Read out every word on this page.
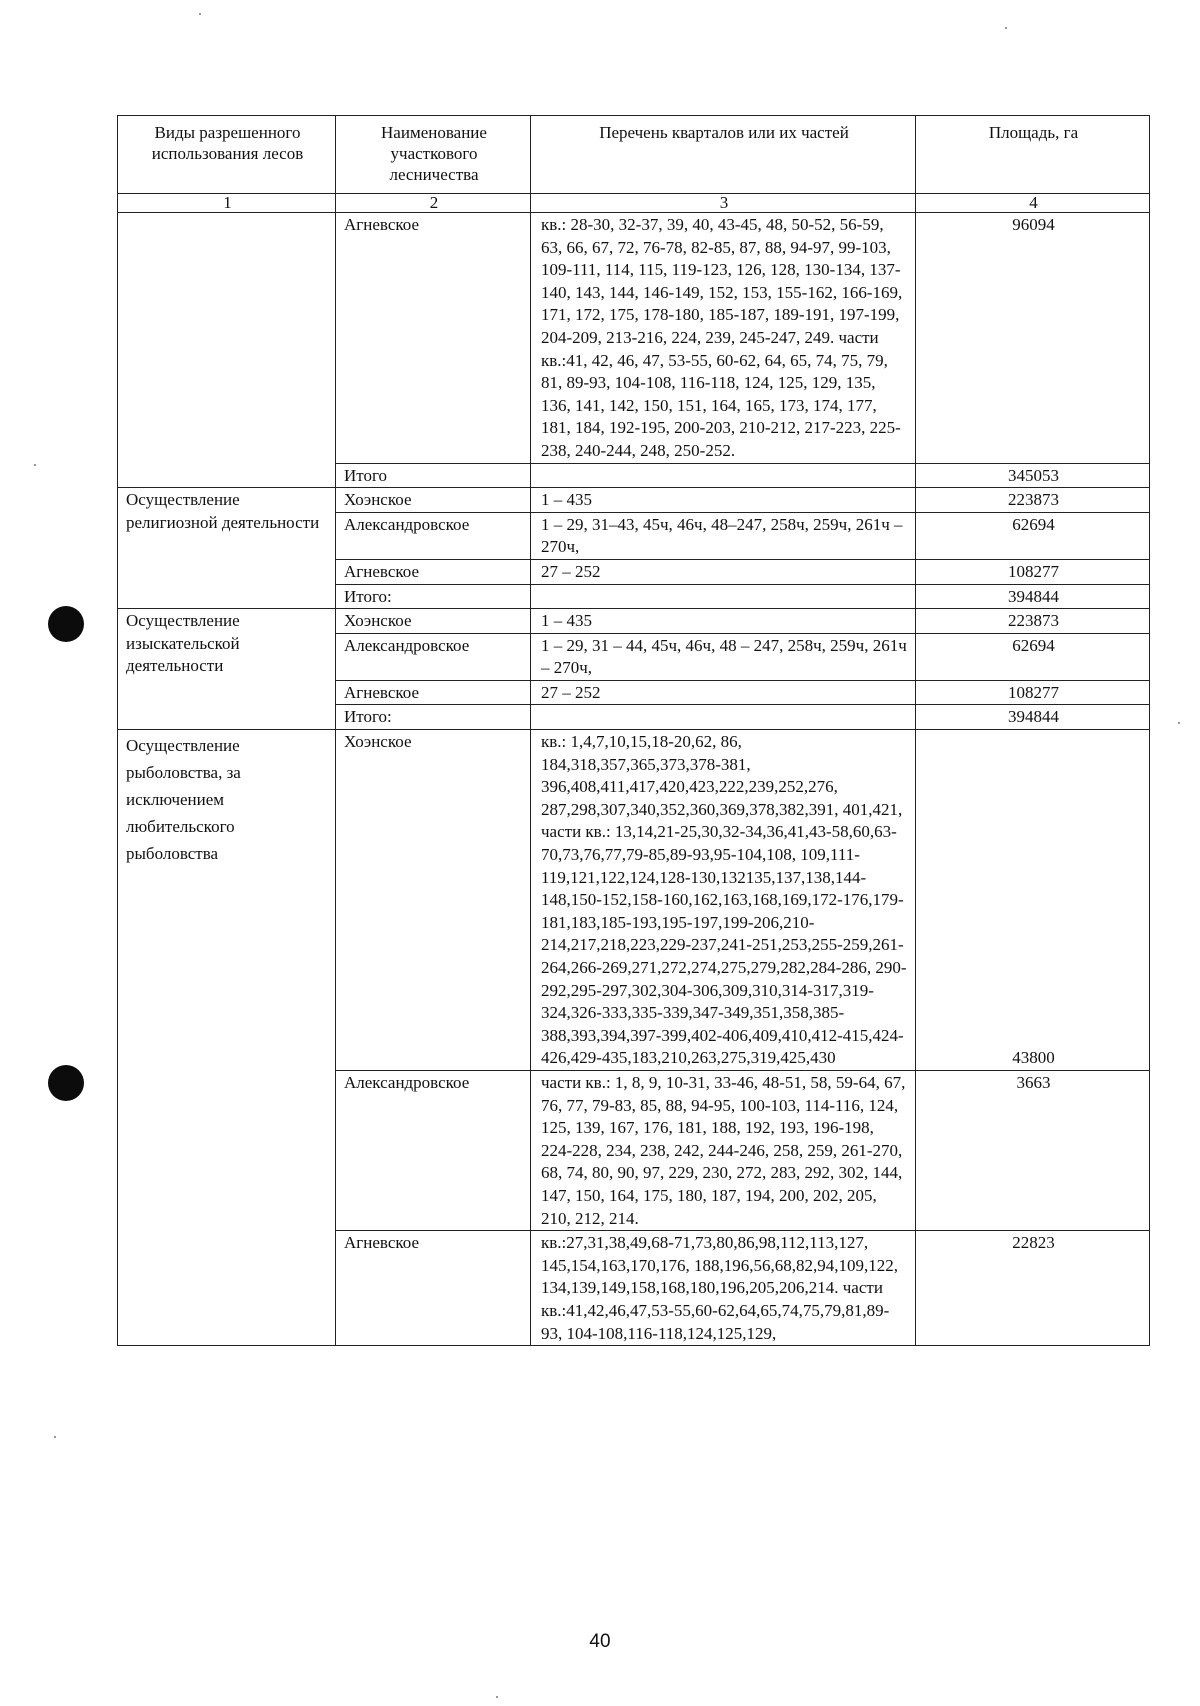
Виды разрешенного использования лесов	Наименование участкового лесничества	Перечень кварталов или их частей	Площадь, га
1	2	3	4
	Агневское	кв.: 28-30, 32-37, 39, 40, 43-45, 48, 50-52, 56-59, 63, 66, 67, 72, 76-78, 82-85, 87, 88, 94-97, 99-103, 109-111, 114, 115, 119-123, 126, 128, 130-134, 137-140, 143, 144, 146-149, 152, 153, 155-162, 166-169, 171, 172, 175, 178-180, 185-187, 189-191, 197-199, 204-209, 213-216, 224, 239, 245-247, 249. части кв.:41, 42, 46, 47, 53-55, 60-62, 64, 65, 74, 75, 79, 81, 89-93, 104-108, 116-118, 124, 125, 129, 135, 136, 141, 142, 150, 151, 164, 165, 173, 174, 177, 181, 184, 192-195, 200-203, 210-212, 217-223, 225-238, 240-244, 248, 250-252.	96094
	Итого		345053
Осуществление религиозной деятельности	Хоэнское	1 – 435	223873
	Александровское	1 – 29, 31–43, 45ч, 46ч, 48–247, 258ч, 259ч, 261ч – 270ч,	62694
	Агневское	27 – 252	108277
	Итого:		394844
Осуществление изыскательской деятельности	Хоэнское	1 – 435	223873
	Александровское	1 – 29, 31 – 44, 45ч, 46ч, 48 – 247, 258ч, 259ч, 261ч – 270ч,	62694
	Агневское	27 – 252	108277
	Итого:		394844
Осуществление рыболовства, за исключением любительского рыболовства	Хоэнское	кв.: 1,4,7,10,15,18-20,62, 86, 184,318,357,365,373,378-381, 396,408,411,417,420,423,222,239,252,276, 287,298,307,340,352,360,369,378,382,391, 401,421, части кв.: 13,14,21-25,30,32-34,36,41,43-58,60,63-70,73,76,77,79-85,89-93,95-104,108, 109,111-119,121,122,124,128-130,132135,137,138,144-148,150-152,158-160,162,163,168,169,172-176,179-181,183,185-193,195-197,199-206,210-214,217,218,223,229-237,241-251,253,255-259,261-264,266-269,271,272,274,275,279,282,284-286, 290-292,295-297,302,304-306,309,310,314-317,319-324,326-333,335-339,347-349,351,358,385-388,393,394,397-399,402-406,409,410,412-415,424-426,429-435,183,210,263,275,319,425,430	43800
	Александровское	части кв.: 1, 8, 9, 10-31, 33-46, 48-51, 58, 59-64, 67, 76, 77, 79-83, 85, 88, 94-95, 100-103, 114-116, 124, 125, 139, 167, 176, 181, 188, 192, 193, 196-198, 224-228, 234, 238, 242, 244-246, 258, 259, 261-270, 68, 74, 80, 90, 97, 229, 230, 272, 283, 292, 302, 144, 147, 150, 164, 175, 180, 187, 194, 200, 202, 205, 210, 212, 214.	3663
	Агневское	кв.:27,31,38,49,68-71,73,80,86,98,112,113,127, 145,154,163,170,176, 188,196,56,68,82,94,109,122, 134,139,149,158,168,180,196,205,206,214. части кв.:41,42,46,47,53-55,60-62,64,65,74,75,79,81,89-93, 104-108,116-118,124,125,129,	22823
40
